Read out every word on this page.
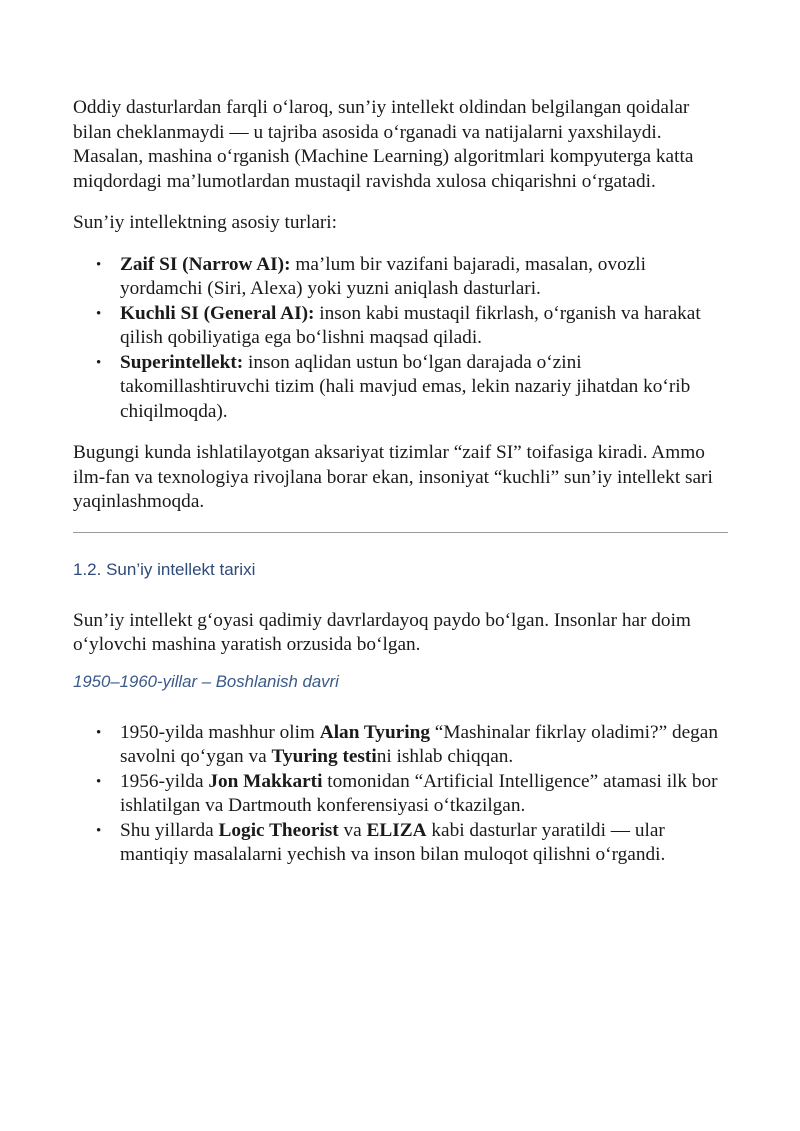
Oddiy dasturlardan farqli o‘laroq, sun’iy intellekt oldindan belgilangan qoidalar bilan cheklanmaydi — u tajriba asosida o‘rganadi va natijalarni yaxshilaydi. Masalan, mashina o‘rganish (Machine Learning) algoritmlari kompyuterga katta miqdordagi ma’lumotlardan mustaqil ravishda xulosa chiqarishni o‘rgatadi.

Sun’iy intellektning asosiy turlari:

• Zaif SI (Narrow AI): ma’lum bir vazifani bajaradi, masalan, ovozli yordamchi (Siri, Alexa) yoki yuzni aniqlash dasturlari.
• Kuchli SI (General AI): inson kabi mustaqil fikrlash, o‘rganish va harakat qilish qobiliyatiga ega bo‘lishni maqsad qiladi.
• Superintellekt: inson aqlidan ustun bo‘lgan darajada o‘zini takomillashtiruvchi tizim (hali mavjud emas, lekin nazariy jihatdan ko‘rib chiqilmoqda).

Bugungi kunda ishlatilayotgan aksariyat tizimlar “zaif SI” toifasiga kiradi. Ammo ilm-fan va texnologiya rivojlana borar ekan, insoniyat “kuchli” sun’iy intellekt sari yaqinlashmoqda.

1.2. Sun’iy intellekt tarixi

Sun’iy intellekt g‘oyasi qadimiy davrlardayoq paydo bo‘lgan. Insonlar har doim o‘ylovchi mashina yaratish orzusida bo‘lgan.

1950–1960-yillar – Boshlanish davri
• 1950-yilda mashhur olim Alan Tyuring “Mashinalar fikrlay oladimi?” degan savolni qo‘ygan va Tyuring testini ishlab chiqqan.
• 1956-yilda Jon Makkarti tomonidan “Artificial Intelligence” atamasi ilk bor ishlatilgan va Dartmouth konferensiyasi o‘tkazilgan.
• Shu yillarda Logic Theorist va ELIZA kabi dasturlar yaratildi — ular mantiqiy masalalarni yechish va inson bilan muloqot qilishni o‘rgandi.
